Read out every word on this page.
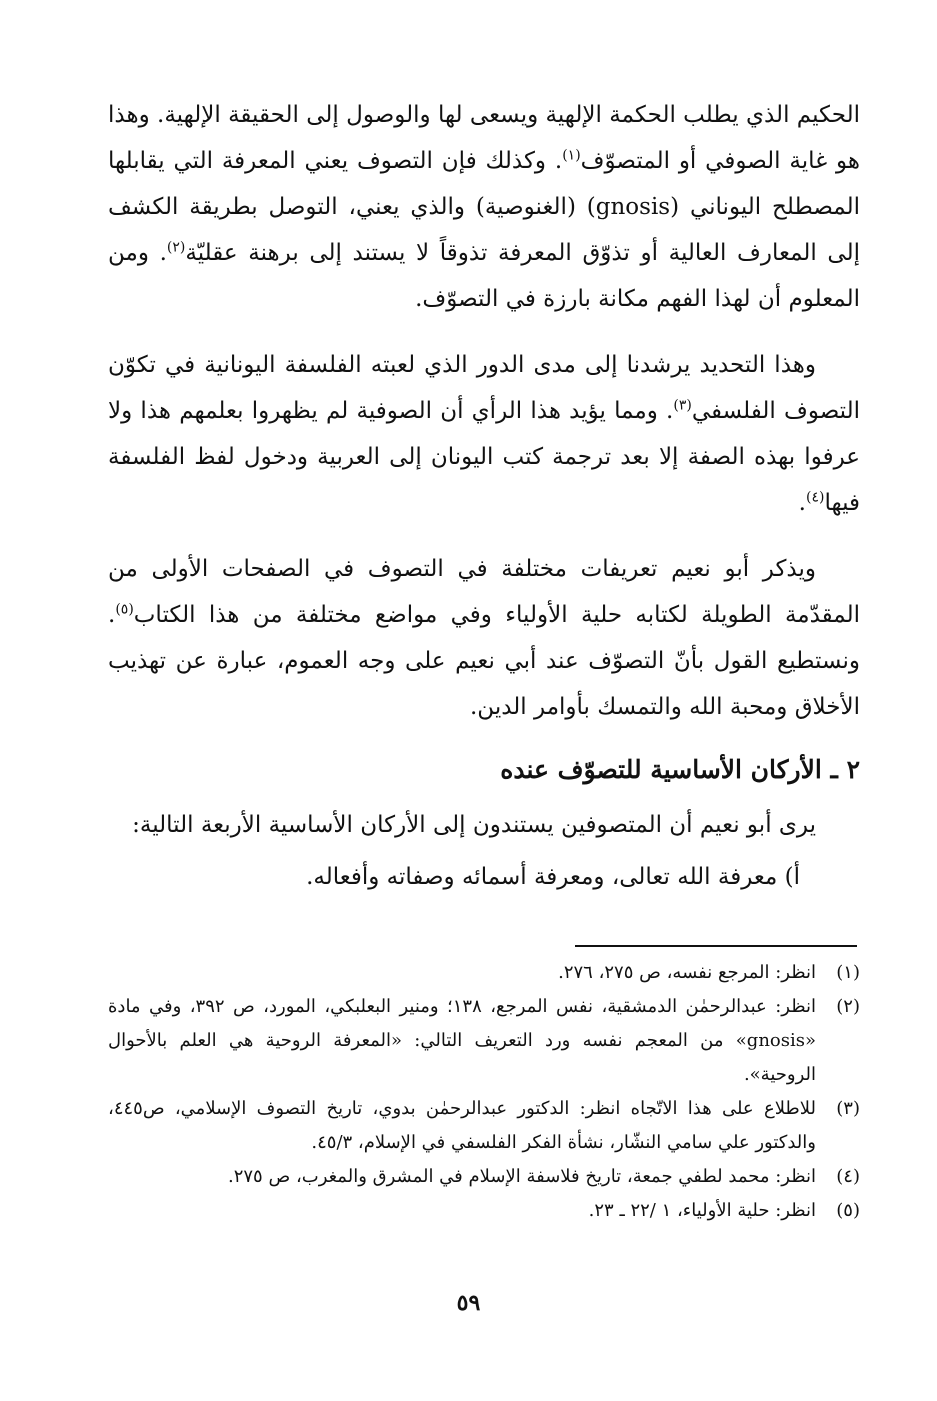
الحكيم الذي يطلب الحكمة الإلهية ويسعى لها والوصول إلى الحقيقة الإلهية. وهذا هو غاية الصوفي أو المتصوّف$^{(١)}$. وكذلك فإن التصوف يعني المعرفة التي يقابلها المصطلح اليوناني (gnosis) (الغنوصية) والذي يعني، التوصل بطريقة الكشف إلى المعارف العالية أو تذوّق المعرفة تذوقاً لا يستند إلى برهنة عقليّة$^{(٢)}$. ومن المعلوم أن لهذا الفهم مكانة بارزة في التصوّف.

وهذا التحديد يرشدنا إلى مدى الدور الذي لعبته الفلسفة اليونانية في تكوّن التصوف الفلسفي$^{(٣)}$. ومما يؤيد هذا الرأي أن الصوفية لم يظهروا بعلمهم هذا ولا عرفوا بهذه الصفة إلا بعد ترجمة كتب اليونان إلى العربية ودخول لفظ الفلسفة فيها$^{(٤)}$.

ويذكر أبو نعيم تعريفات مختلفة في التصوف في الصفحات الأولى من المقدّمة الطويلة لكتابه حلية الأولياء وفي مواضع مختلفة من هذا الكتاب$^{(٥)}$. ونستطيع القول بأنّ التصوّف عند أبي نعيم على وجه العموم، عبارة عن تهذيب الأخلاق ومحبة الله والتمسك بأوامر الدين.

٢ ـ الأركان الأساسية للتصوّف عنده

يرى أبو نعيم أن المتصوفين يستندون إلى الأركان الأساسية الأربعة التالية:

أ) معرفة الله تعالى، ومعرفة أسمائه وصفاته وأفعاله.

(١)
انظر: المرجع نفسه، ص ٢٧٥، ٢٧٦.
(٢)
انظر: عبدالرحمٰن الدمشقية، نفس المرجع، ١٣٨؛ ومنير البعلبكي، المورد، ص ٣٩٢، وفي مادة «gnosis» من المعجم نفسه ورد التعريف التالي: «المعرفة الروحية هي العلم بالأحوال الروحية».
(٣)
للاطلاع على هذا الاتّجاه انظر: الدكتور عبدالرحمٰن بدوي، تاريخ التصوف الإسلامي، ص٤٤٥، والدكتور علي سامي النشّار، نشأة الفكر الفلسفي في الإسلام، ٤٥/٣.
(٤)
انظر: محمد لطفي جمعة، تاريخ فلاسفة الإسلام في المشرق والمغرب، ص ٢٧٥.
(٥)
انظر: حلية الأولياء، ١ /٢٢ ـ ٢٣.
٥٩
